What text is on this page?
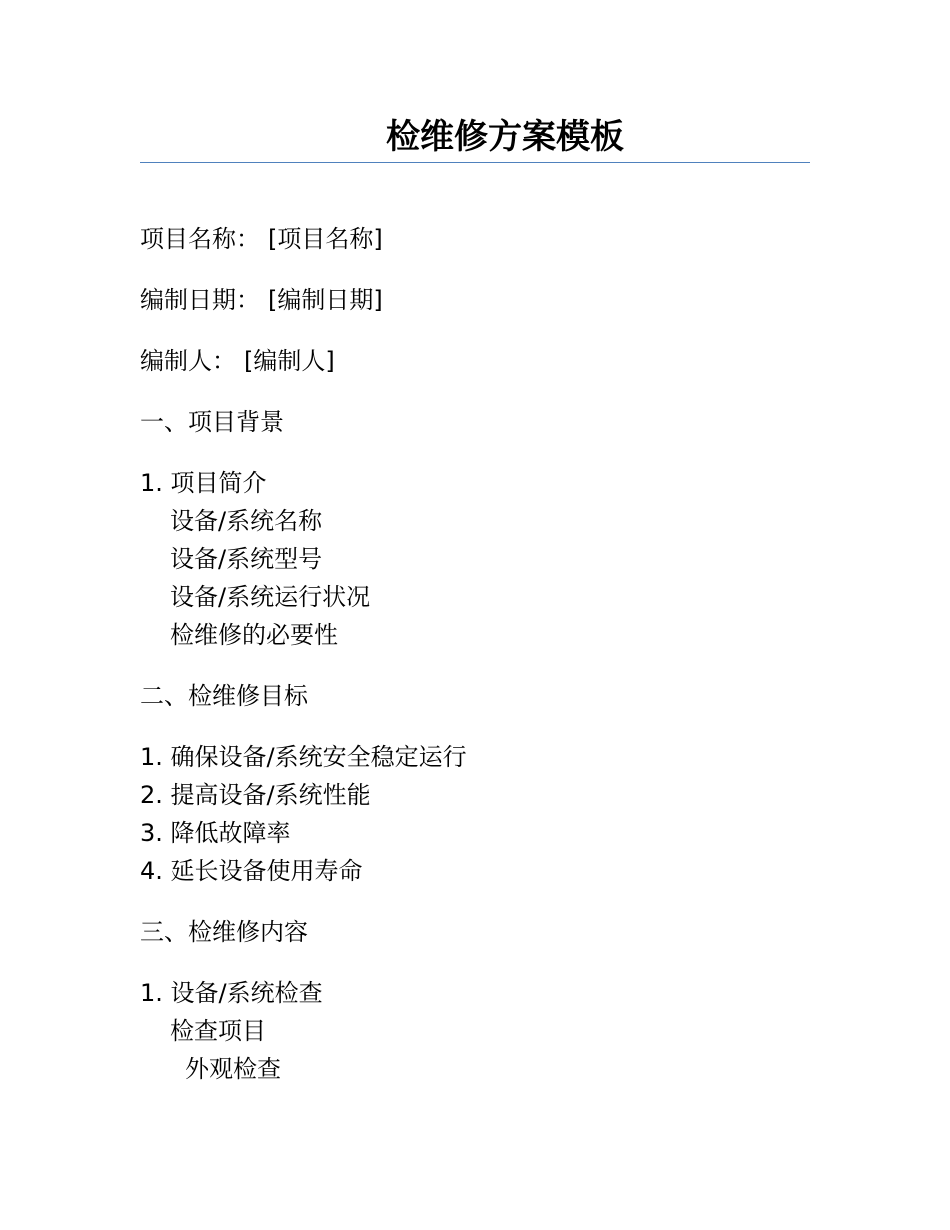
检维修方案模板
项目名称： [项目名称]
编制日期： [编制日期]
编制人： [编制人]
一、项目背景
1. 项目简介
设备/系统名称
设备/系统型号
设备/系统运行状况
检维修的必要性
二、检维修目标
1. 确保设备/系统安全稳定运行
2. 提高设备/系统性能
3. 降低故障率
4. 延长设备使用寿命
三、检维修内容
1. 设备/系统检查
检查项目
外观检查
